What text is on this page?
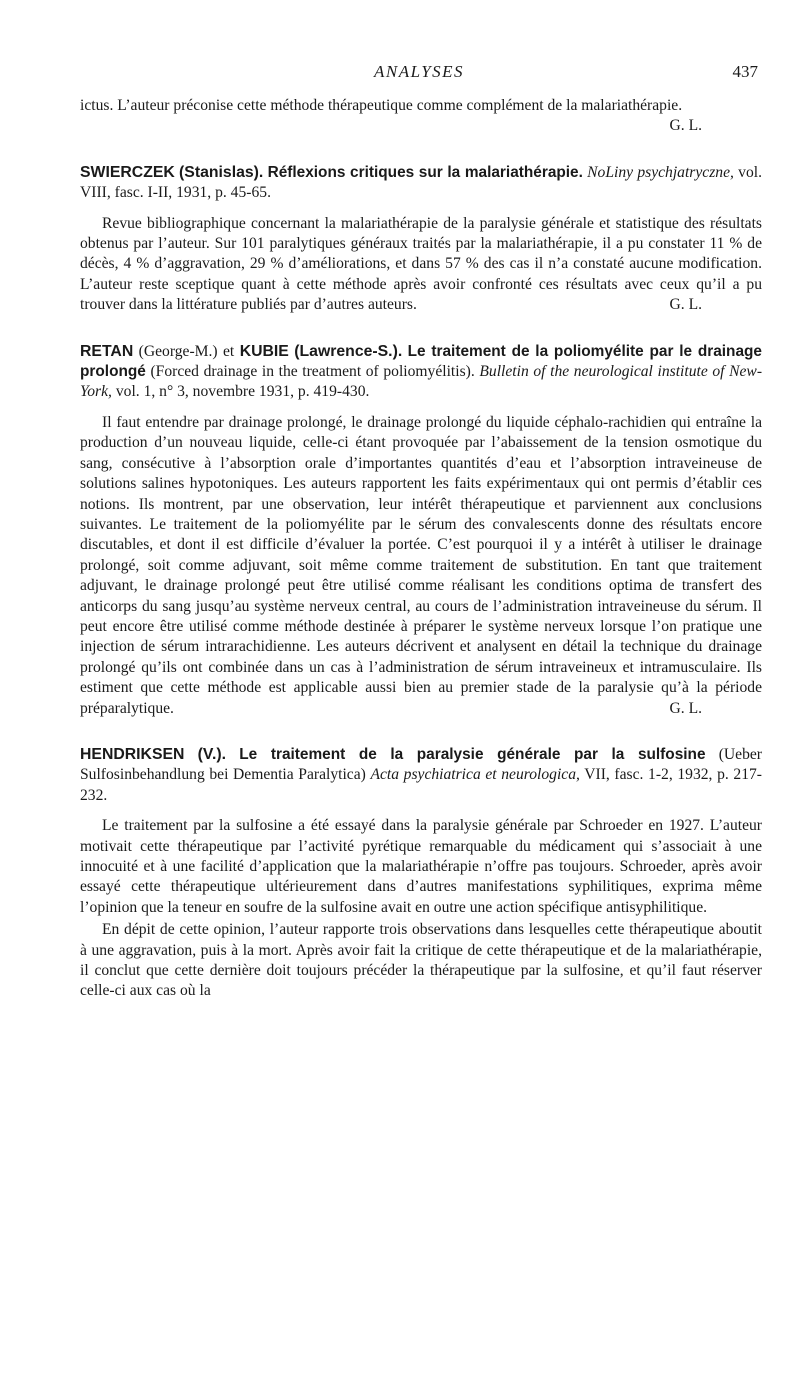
ANALYSES	437

ictus. L’auteur préconise cette méthode thérapeutique comme complément de la malariathérapie.
G. L.

SWIERCZEK (Stanislas). Réflexions critiques sur la malariathérapie. NoLiny psychjatryczne, vol. VIII, fasc. I-II, 1931, p. 45-65.

Revue bibliographique concernant la malariathérapie de la paralysie générale et statistique des résultats obtenus par l’auteur. Sur 101 paralytiques généraux traités par la malariathérapie, il a pu constater 11 % de décès, 4 % d’aggravation, 29 % d’améliorations, et dans 57 % des cas il n’a constaté aucune modification. L’auteur reste sceptique quant à cette méthode après avoir confronté ces résultats avec ceux qu’il a pu trouver dans la littérature publiés par d’autres auteurs.	G. L.

RETAN (George-M.) et KUBIE (Lawrence-S.). Le traitement de la poliomyélite par le drainage prolongé (Forced drainage in the treatment of poliomyélitis). Bulletin of the neurological institute of New-York, vol. 1, n° 3, novembre 1931, p. 419-430.

Il faut entendre par drainage prolongé, le drainage prolongé du liquide céphalo-rachidien qui entraîne la production d’un nouveau liquide, celle-ci étant provoquée par l’abaissement de la tension osmotique du sang, consécutive à l’absorption orale d’importantes quantités d’eau et l’absorption intraveineuse de solutions salines hypotoniques. Les auteurs rapportent les faits expérimentaux qui ont permis d’établir ces notions. Ils montrent, par une observation, leur intérêt thérapeutique et parviennent aux conclusions suivantes. Le traitement de la poliomyélite par le sérum des convalescents donne des résultats encore discutables, et dont il est difficile d’évaluer la portée. C’est pourquoi il y a intérêt à utiliser le drainage prolongé, soit comme adjuvant, soit même comme traitement de substitution. En tant que traitement adjuvant, le drainage prolongé peut être utilisé comme réalisant les conditions optima de transfert des anticorps du sang jusqu’au système nerveux central, au cours de l’administration intraveineuse du sérum. Il peut encore être utilisé comme méthode destinée à préparer le système nerveux lorsque l’on pratique une injection de sérum intrarachidienne. Les auteurs décrivent et analysent en détail la technique du drainage prolongé qu’ils ont combinée dans un cas à l’administration de sérum intraveineux et intramusculaire. Ils estiment que cette méthode est applicable aussi bien au premier stade de la paralysie qu’à la période préparalytique.	G. L.

HENDRIKSEN (V.). Le traitement de la paralysie générale par la sulfosine (Ueber Sulfosinbehandlung bei Dementia Paralytica) Acta psychiatrica et neurologica, VII, fasc. 1-2, 1932, p. 217-232.

Le traitement par la sulfosine a été essayé dans la paralysie générale par Schroeder en 1927. L’auteur motivait cette thérapeutique par l’activité pyrétique remarquable du médicament qui s’associait à une innocuité et à une facilité d’application que la malariathérapie n’offre pas toujours. Schroeder, après avoir essayé cette thérapeutique ultérieurement dans d’autres manifestations syphilitiques, exprima même l’opinion que la teneur en soufre de la sulfosine avait en outre une action spécifique antisyphilitique.

En dépit de cette opinion, l’auteur rapporte trois observations dans lesquelles cette thérapeutique aboutit à une aggravation, puis à la mort. Après avoir fait la critique de cette thérapeutique et de la malariathérapie, il conclut que cette dernière doit toujours précéder la thérapeutique par la sulfosine, et qu’il faut réserver celle-ci aux cas où la
